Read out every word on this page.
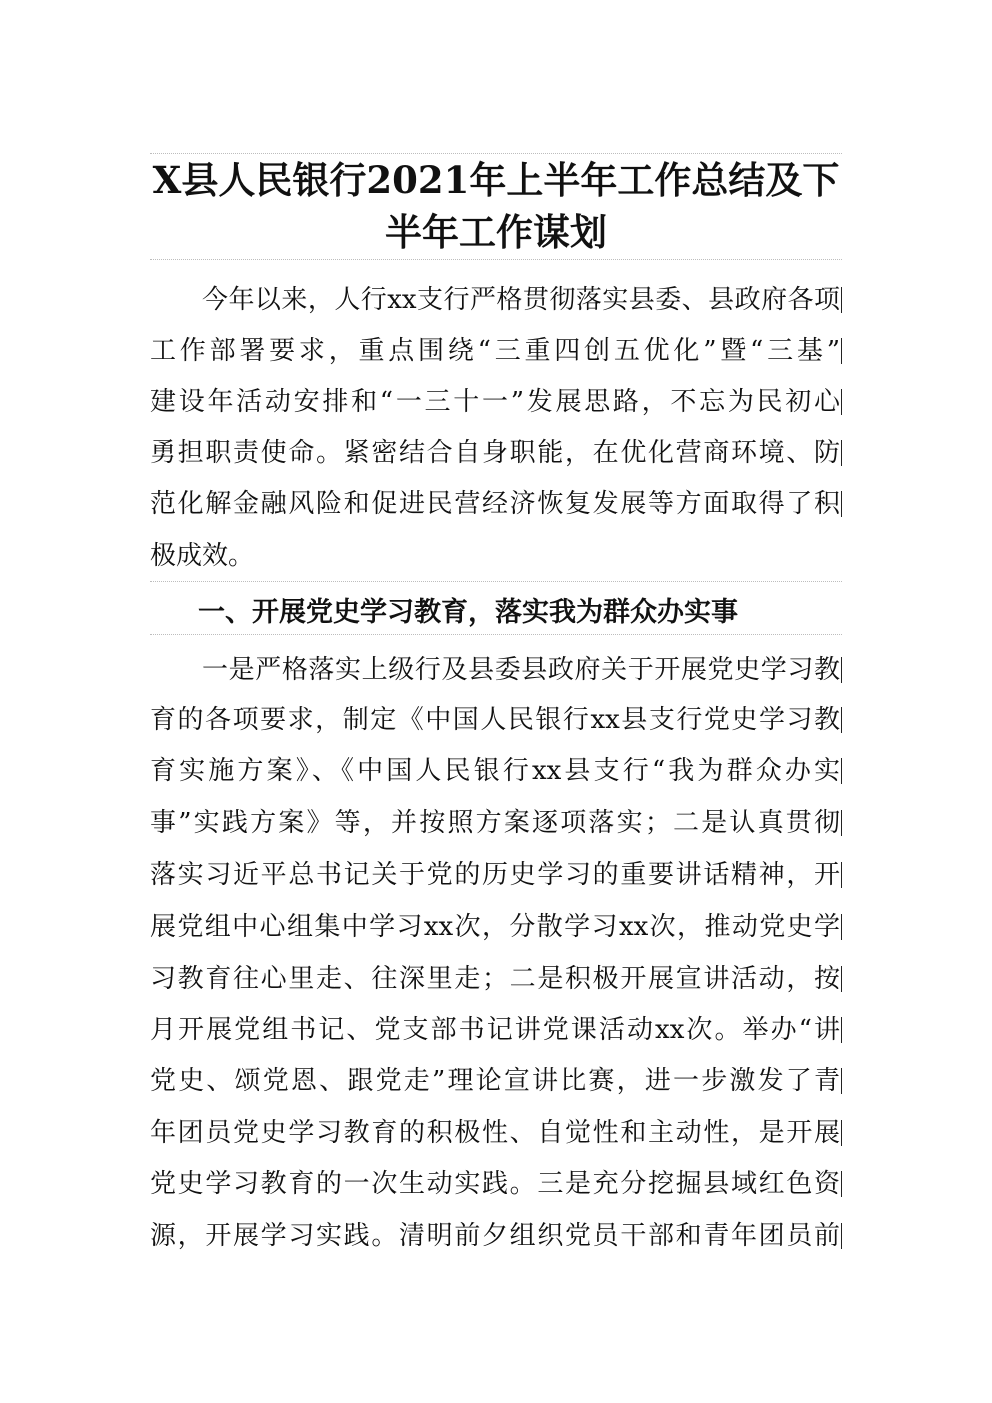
X县人民银行2021年上半年工作总结及下
半年工作谋划
今年以来，人行xx支行严格贯彻落实县委、县政府各项
工作部署要求，重点围绕“三重四创五优化”暨“三基”
建设年活动安排和“一三十一”发展思路，不忘为民初心
勇担职责使命。紧密结合自身职能，在优化营商环境、防
范化解金融风险和促进民营经济恢复发展等方面取得了积
极成效。
一、开展党史学习教育，落实我为群众办实事
一是严格落实上级行及县委县政府关于开展党史学习教
育的各项要求，制定《中国人民银行xx县支行党史学习教
育实施方案》、《中国人民银行xx县支行“我为群众办实
事”实践方案》等，并按照方案逐项落实；二是认真贯彻
落实习近平总书记关于党的历史学习的重要讲话精神，开
展党组中心组集中学习xx次，分散学习xx次，推动党史学
习教育往心里走、往深里走；二是积极开展宣讲活动，按
月开展党组书记、党支部书记讲党课活动xx次。举办“讲
党史、颂党恩、跟党走”理论宣讲比赛，进一步激发了青
年团员党史学习教育的积极性、自觉性和主动性，是开展
党史学习教育的一次生动实践。三是充分挖掘县域红色资
源，开展学习实践。清明前夕组织党员干部和青年团员前
